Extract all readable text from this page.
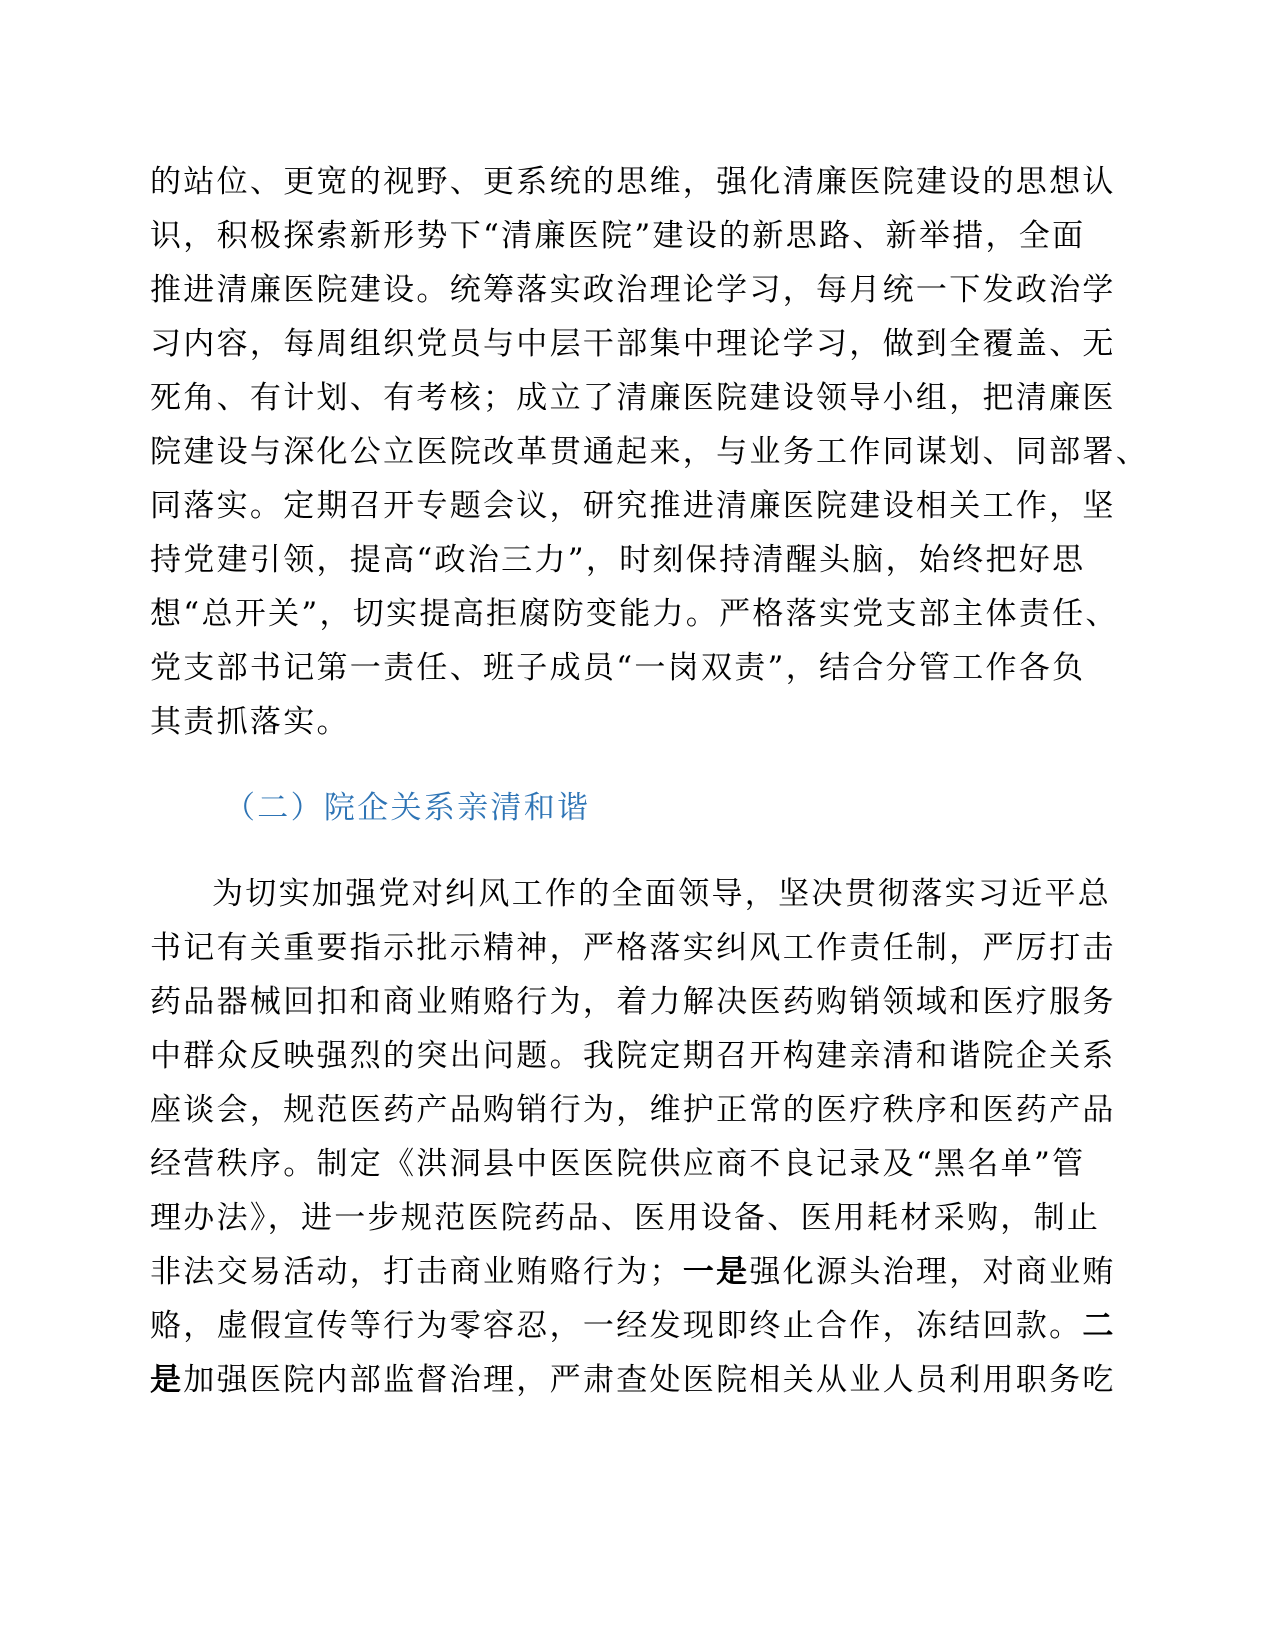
的站位、更宽的视野、更系统的思维，强化清廉医院建设的思想认

识，积极探索新形势下“清廉医院”建设的新思路、新举措，全面

推进清廉医院建设。统筹落实政治理论学习，每月统一下发政治学

习内容，每周组织党员与中层干部集中理论学习，做到全覆盖、无

死角、有计划、有考核；成立了清廉医院建设领导小组，把清廉医

院建设与深化公立医院改革贯通起来，与业务工作同谋划、同部署、

同落实。定期召开专题会议，研究推进清廉医院建设相关工作，坚

持党建引领，提高“政治三力”，时刻保持清醒头脑，始终把好思

想“总开关”，切实提高拒腐防变能力。严格落实党支部主体责任、

党支部书记第一责任、班子成员“一岗双责”，结合分管工作各负

其责抓落实。

（二）院企关系亲清和谐

为切实加强党对纠风工作的全面领导，坚决贯彻落实习近平总

书记有关重要指示批示精神，严格落实纠风工作责任制，严厉打击

药品器械回扣和商业贿赂行为，着力解决医药购销领域和医疗服务

中群众反映强烈的突出问题。我院定期召开构建亲清和谐院企关系

座谈会，规范医药产品购销行为，维护正常的医疗秩序和医药产品

经营秩序。制定《洪洞县中医医院供应商不良记录及“黑名单”管

理办法》，进一步规范医院药品、医用设备、医用耗材采购，制止

非法交易活动，打击商业贿赂行为；一是强化源头治理，对商业贿

赂，虚假宣传等行为零容忍，一经发现即终止合作，冻结回款。二

是加强医院内部监督治理，严肃查处医院相关从业人员利用职务吃
